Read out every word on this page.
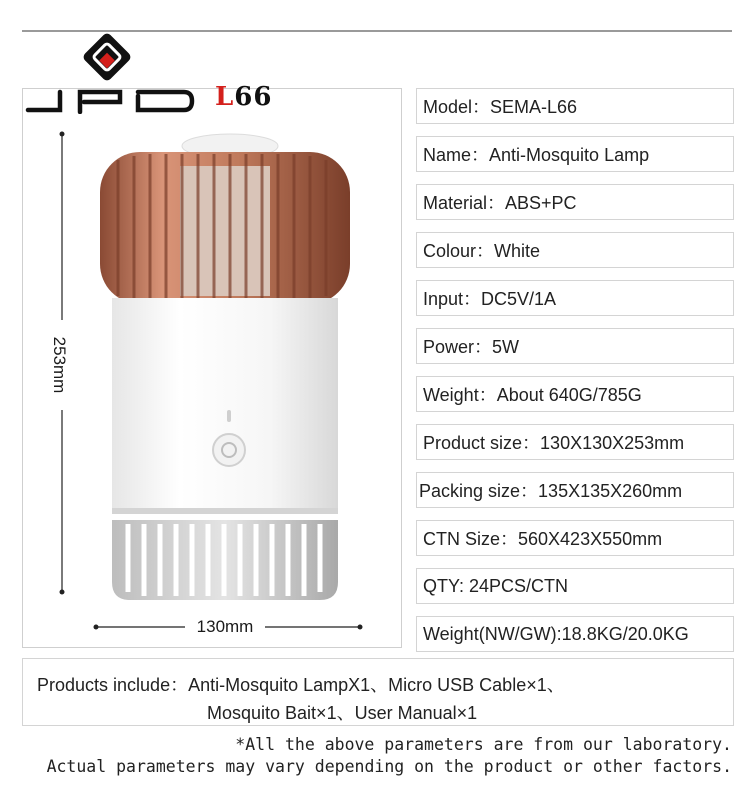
L66
253mm
130mm
Model：SEMA-L66
Name：Anti-Mosquito Lamp
Material：ABS+PC
Colour：White
Input：DC5V/1A
Power：5W
Weight：About 640G/785G
Product size：130X130X253mm
Packing size：135X135X260mm
CTN Size：560X423X550mm
QTY: 24PCS/CTN
Weight(NW/GW):18.8KG/20.0KG
Products include：Anti-Mosquito LampX1、Micro USB Cable×1、
Mosquito Bait×1、User Manual×1
*All the above parameters are from our laboratory.
Actual parameters may vary depending on the product or other factors.
